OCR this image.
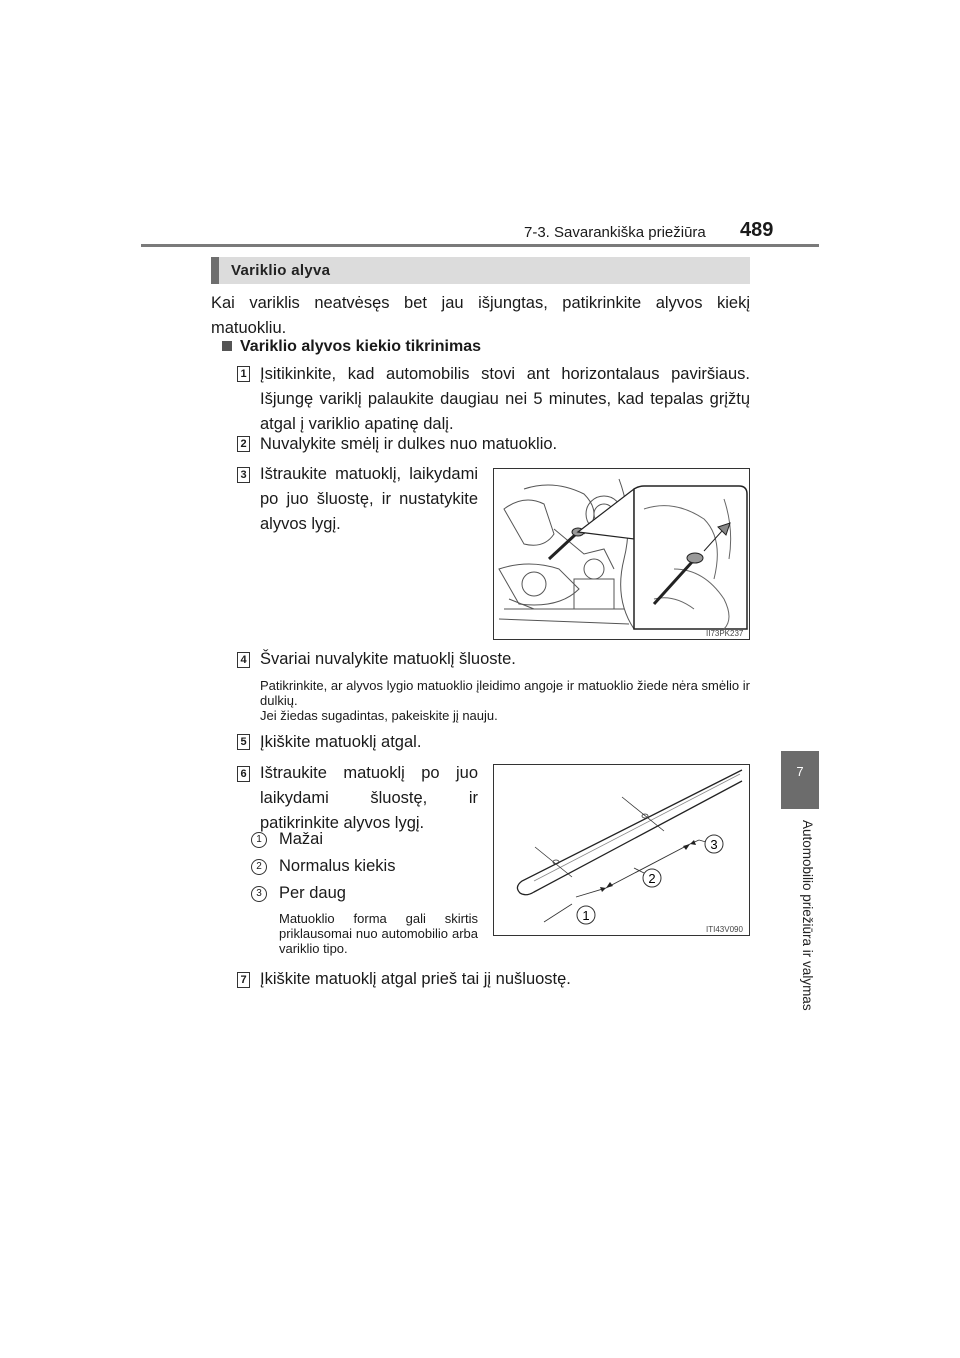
7-3. Savarankiška priežiūra 489
7
Automobilio priežiūra ir valymas
Variklio alyva
Kai variklis neatvėsęs bet jau išjungtas, patikrinkite alyvos kiekį matuokliu.
Variklio alyvos kiekio tikrinimas
1 Įsitikinkite, kad automobilis stovi ant horizontalaus paviršiaus. Išjungę variklį palaukite daugiau nei 5 minutes, kad tepalas grįžtų atgal į variklio apatinę dalį.
2 Nuvalykite smėlį ir dulkes nuo matuoklio.
3 Ištraukite matuoklį, laikydami po juo šluostę, ir nustatykite alyvos lygį.
II73PK237
4 Švariai nuvalykite matuoklį šluoste.
Patikrinkite, ar alyvos lygio matuoklio įleidimo angoje ir matuoklio žiede nėra smėlio ir dulkių.
Jei žiedas sugadintas, pakeiskite jį nauju.
5 Įkiškite matuoklį atgal.
6 Ištraukite matuoklį po juo laikydami šluostę, ir patikrinkite alyvos lygį.
1	Mažai
2	Normalus kiekis
3	Per daug
Matuoklio forma gali skirtis priklausomai nuo automobilio arba variklio tipo.
1
2
3
ITI43V090
7 Įkiškite matuoklį atgal prieš tai jį nušluostę.
